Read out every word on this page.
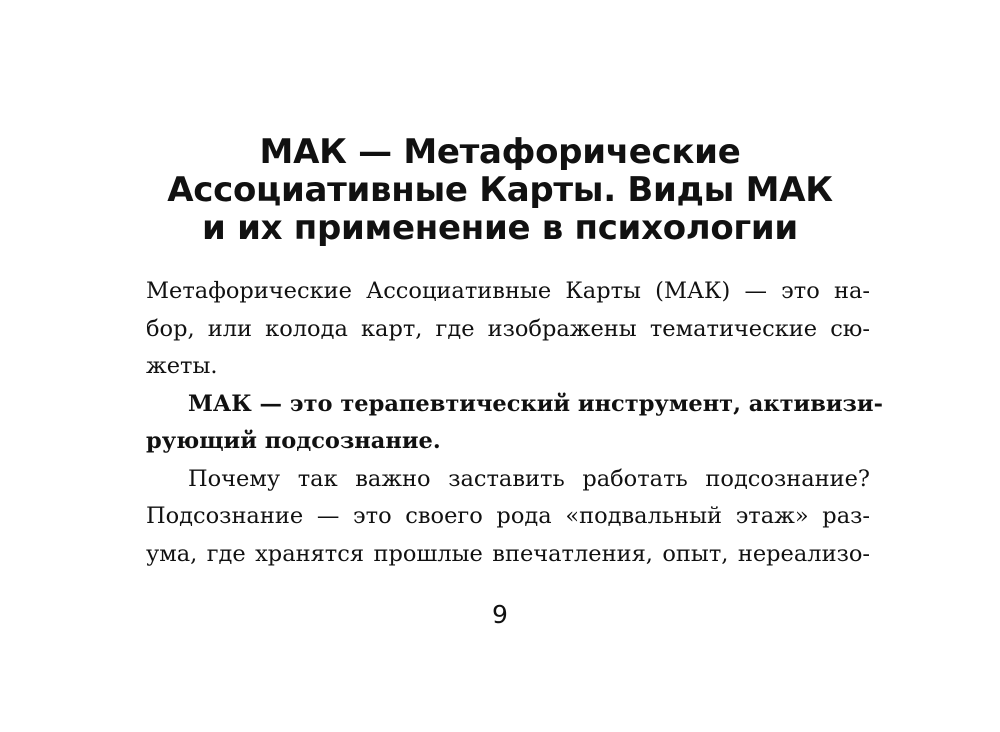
МАК — Метафорические
Ассоциативные Карты. Виды МАК
и их применение в психологии
Метафорические Ассоциативные Карты (МАК) — это на-
бор, или колода карт, где изображены тематические сю-
жеты.
МАК — это терапевтический инструмент, активизи-
рующий подсознание.
Почему так важно заставить работать подсознание?
Подсознание — это своего рода «подвальный этаж» раз-
ума, где хранятся прошлые впечатления, опыт, нереализо-
9
